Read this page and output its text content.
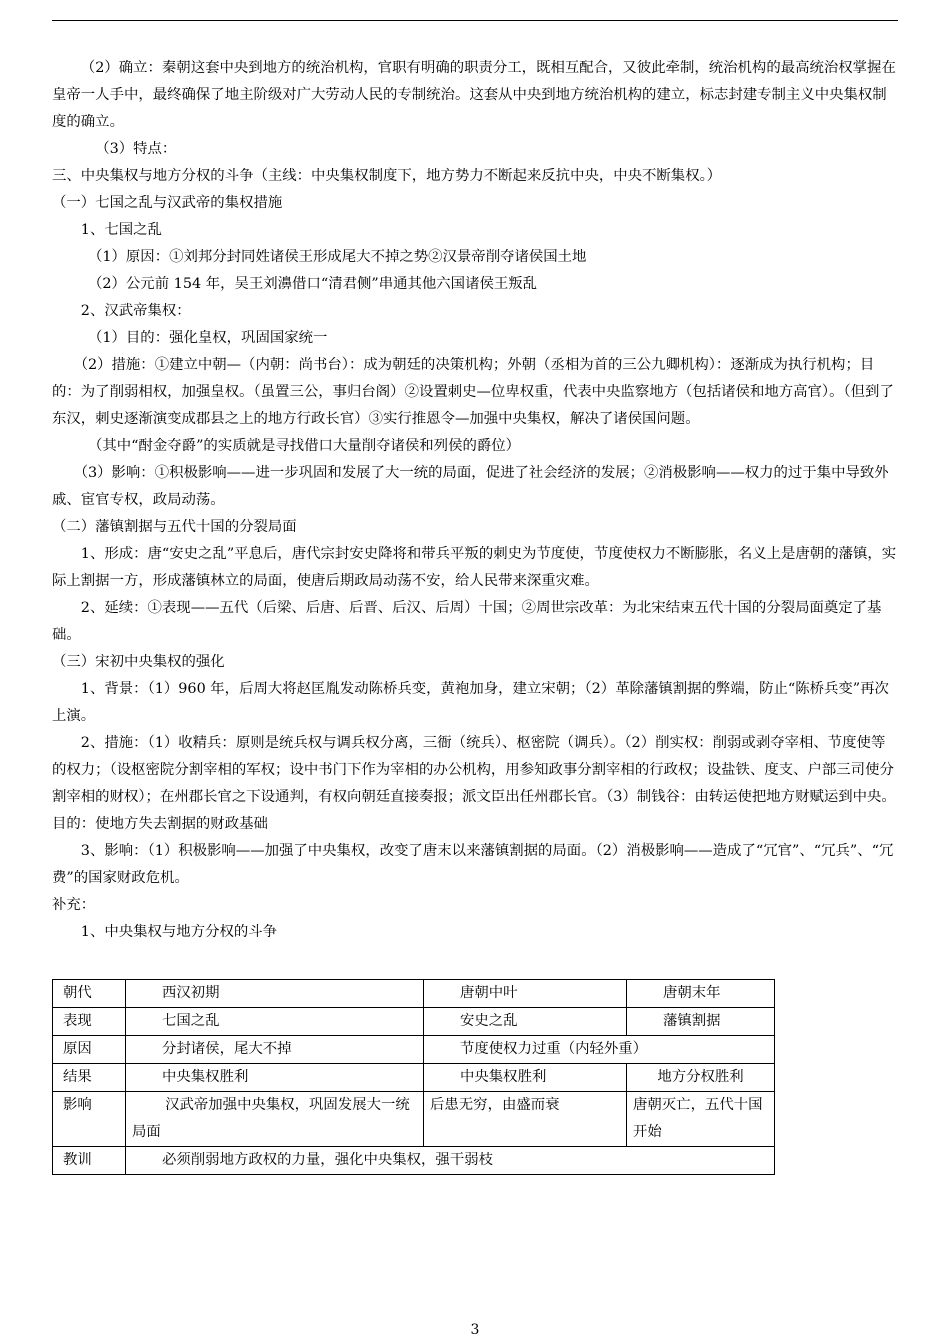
（2）确立：秦朝这套中央到地方的统治机构，官职有明确的职责分工，既相互配合，又彼此牵制，统治机构的最高统治权掌握在皇帝一人手中，最终确保了地主阶级对广大劳动人民的专制统治。这套从中央到地方统治机构的建立，标志封建专制主义中央集权制度的确立。

（3）特点：

三、中央集权与地方分权的斗争（主线：中央集权制度下，地方势力不断起来反抗中央，中央不断集权。）

（一）七国之乱与汉武帝的集权措施

1、七国之乱

（1）原因：①刘邦分封同姓诸侯王形成尾大不掉之势②汉景帝削夺诸侯国土地

（2）公元前 154 年，吴王刘濞借口“清君侧”串通其他六国诸侯王叛乱

2、汉武帝集权：

（1）目的：强化皇权，巩固国家统一

（2）措施：①建立中朝—（内朝：尚书台）：成为朝廷的决策机构；外朝（丞相为首的三公九卿机构）：逐渐成为执行机构；目的：为了削弱相权，加强皇权。（虽置三公，事归台阁）②设置刺史—位卑权重，代表中央监察地方（包括诸侯和地方高官）。（但到了东汉，刺史逐渐演变成郡县之上的地方行政长官）③实行推恩令—加强中央集权，解决了诸侯国问题。

（其中“酎金夺爵”的实质就是寻找借口大量削夺诸侯和列侯的爵位）

（3）影响：①积极影响——进一步巩固和发展了大一统的局面，促进了社会经济的发展；②消极影响——权力的过于集中导致外戚、宦官专权，政局动荡。

（二）藩镇割据与五代十国的分裂局面

1、形成：唐“安史之乱”平息后，唐代宗封安史降将和带兵平叛的刺史为节度使，节度使权力不断膨胀，名义上是唐朝的藩镇，实际上割据一方，形成藩镇林立的局面，使唐后期政局动荡不安，给人民带来深重灾难。

2、延续：①表现——五代（后梁、后唐、后晋、后汉、后周）十国；②周世宗改革：为北宋结束五代十国的分裂局面奠定了基础。

（三）宋初中央集权的强化

1、背景：（1）960 年，后周大将赵匡胤发动陈桥兵变，黄袍加身，建立宋朝；（2）革除藩镇割据的弊端，防止“陈桥兵变”再次上演。

2、措施：（1）收精兵：原则是统兵权与调兵权分离，三衙（统兵）、枢密院（调兵）。（2）削实权：削弱或剥夺宰相、节度使等的权力；（设枢密院分割宰相的军权；设中书门下作为宰相的办公机构，用参知政事分割宰相的行政权；设盐铁、度支、户部三司使分割宰相的财权）；在州郡长官之下设通判，有权向朝廷直接奏报；派文臣出任州郡长官。（3）制钱谷：由转运使把地方财赋运到中央。目的：使地方失去割据的财政基础

3、影响：（1）积极影响——加强了中央集权，改变了唐末以来藩镇割据的局面。（2）消极影响——造成了“冗官”、“冗兵”、“冗费”的国家财政危机。

补充：

1、中央集权与地方分权的斗争

朝代	西汉初期	唐朝中叶	唐朝末年
表现	七国之乱	安史之乱	藩镇割据
原因	分封诸侯，尾大不掉	节度使权力过重（内轻外重）	
结果	中央集权胜利	中央集权胜利	地方分权胜利
影响	汉武帝加强中央集权，巩固发展大一统局面	后患无穷，由盛而衰	唐朝灭亡，五代十国开始
教训	必须削弱地方政权的力量，强化中央集权，强干弱枝		
3
